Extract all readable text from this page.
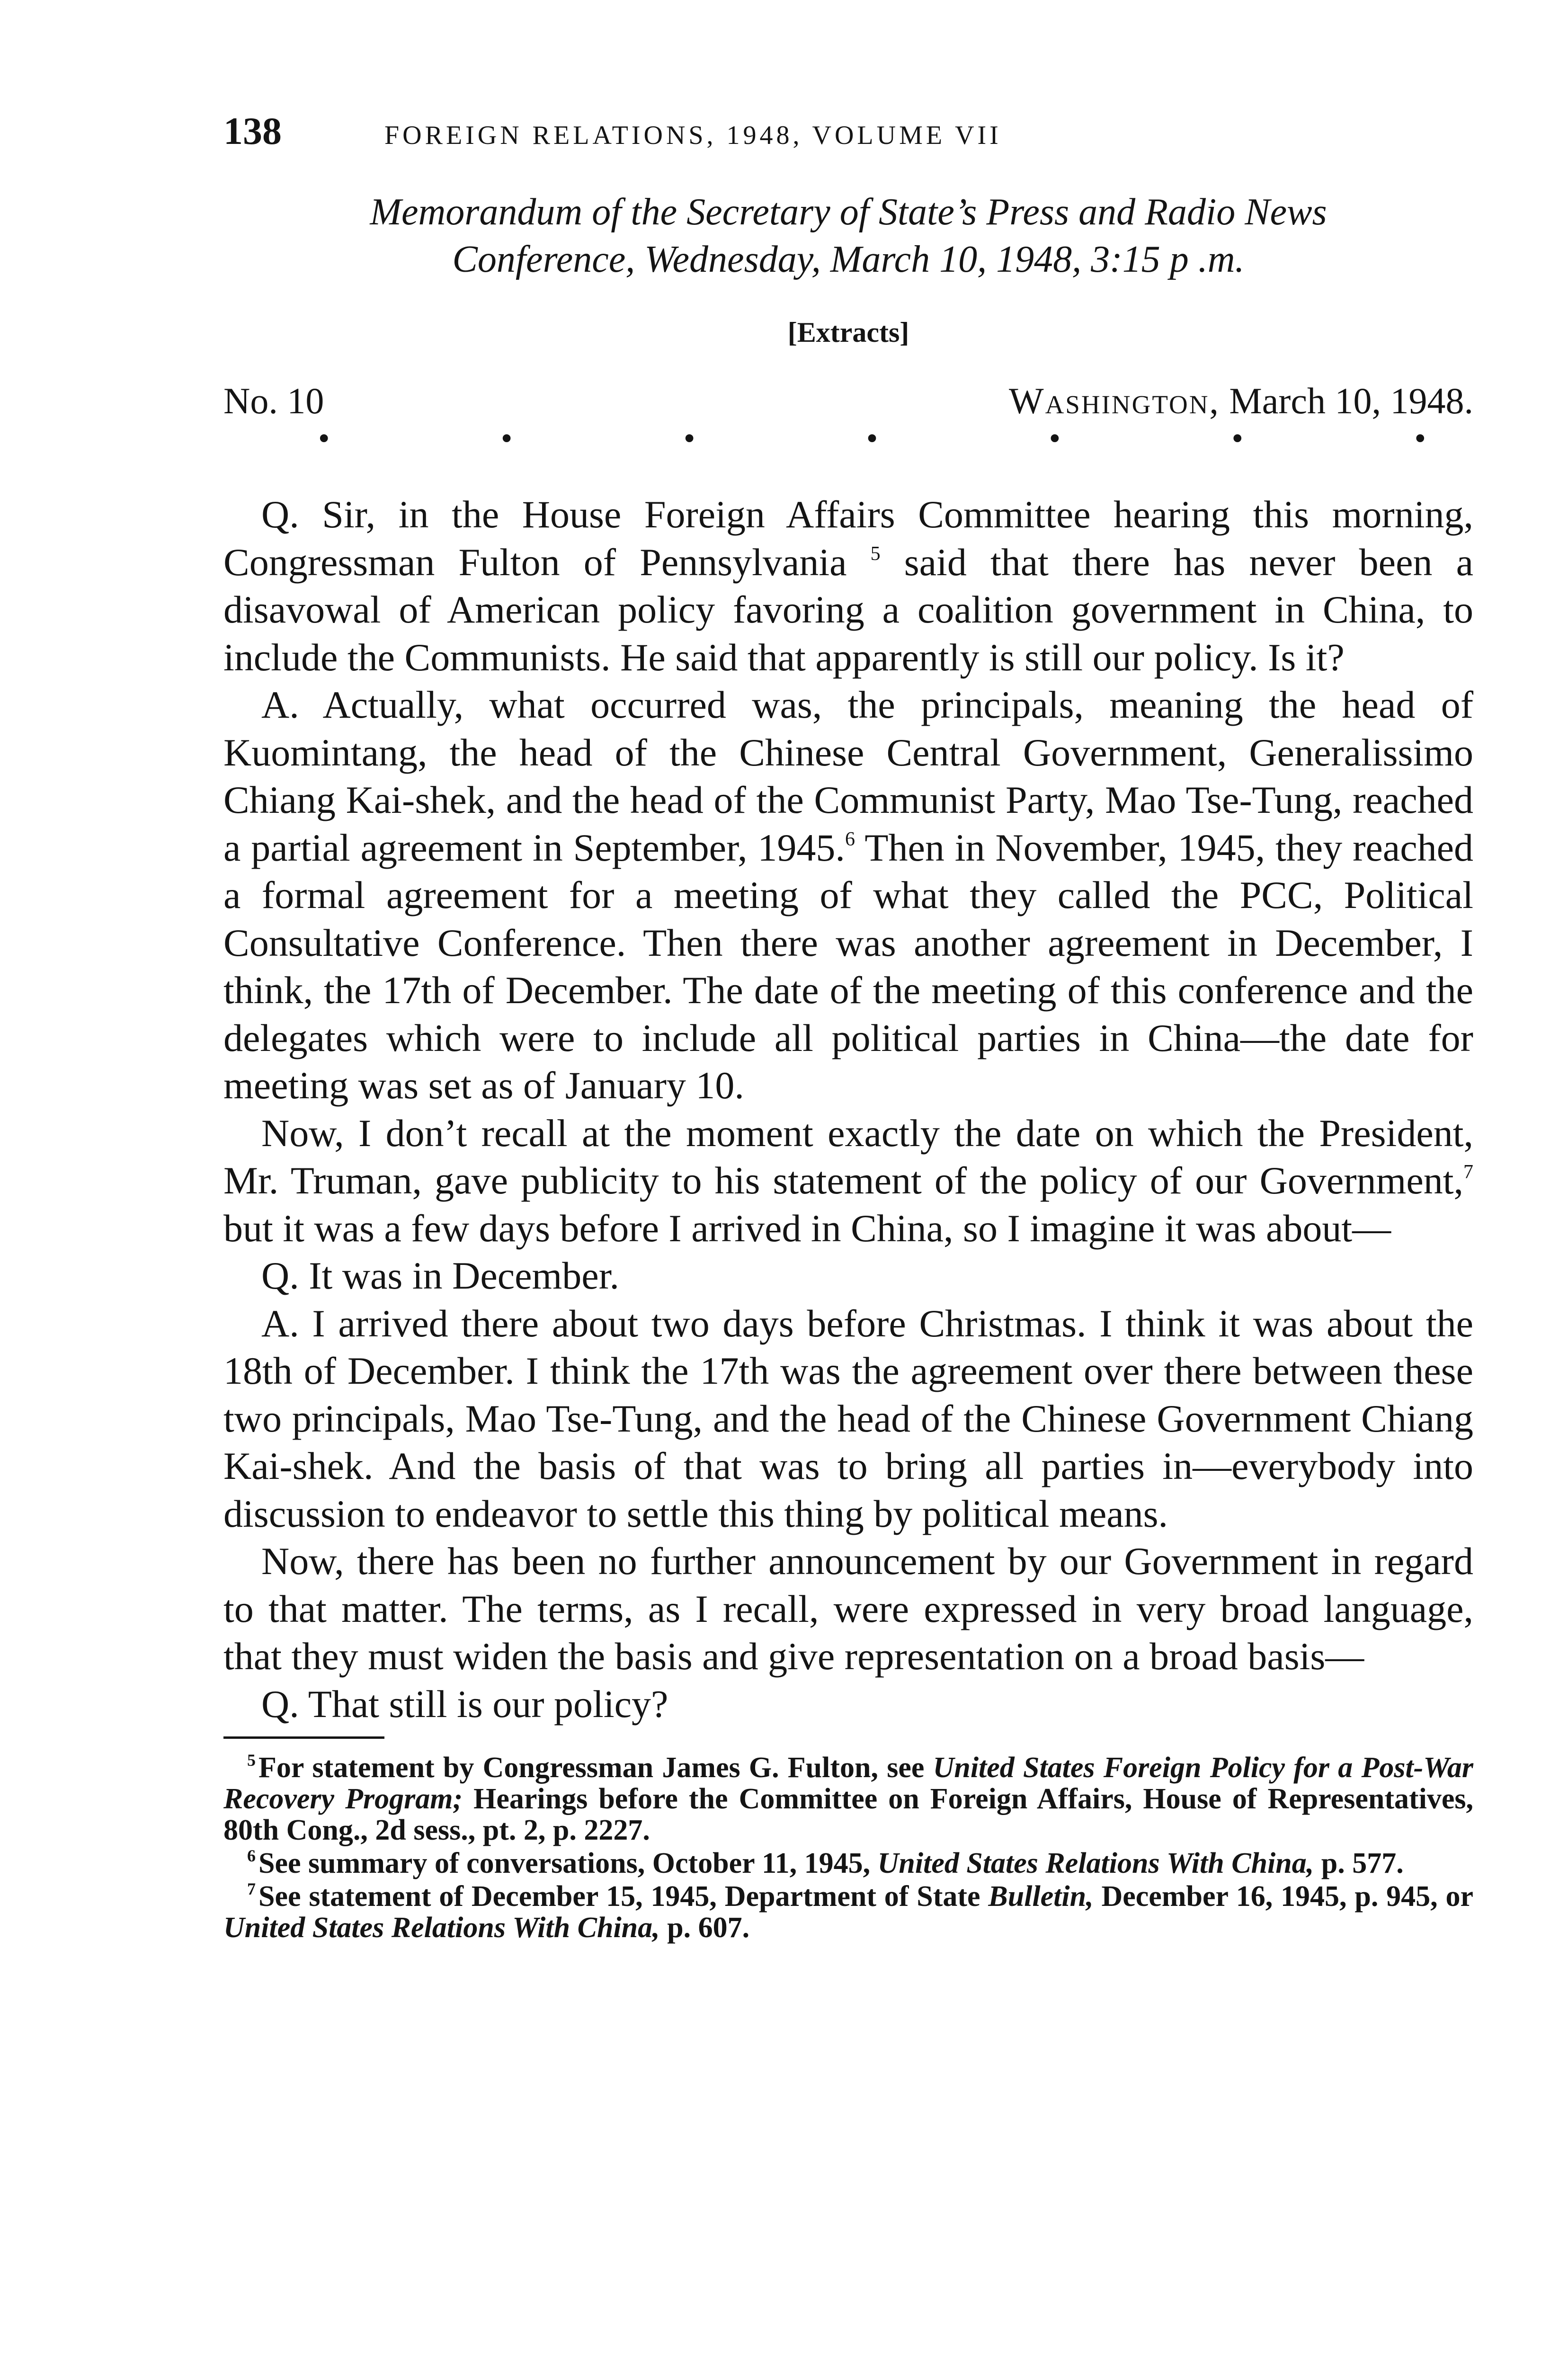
138	FOREIGN RELATIONS, 1948, VOLUME VII
Memorandum of the Secretary of State’s Press and Radio News
Conference, Wednesday, March 10, 1948, 3:15 p .m.
[Extracts]
No. 10	Washington, March 10, 1948.
•	•	•	•	•	•	•

Q. Sir, in the House Foreign Affairs Committee hearing this morning, Congressman Fulton of Pennsylvania $^5$ said that there has never been a disavowal of American policy favoring a coalition government in China, to include the Communists. He said that apparently is still our policy. Is it?

A. Actually, what occurred was, the principals, meaning the head of Kuomintang, the head of the Chinese Central Government, Generalissimo Chiang Kai-shek, and the head of the Communist Party, Mao Tse-Tung, reached a partial agreement in September, 1945.$^6$ Then in November, 1945, they reached a formal agreement for a meeting of what they called the PCC, Political Consultative Conference. Then there was another agreement in December, I think, the 17th of December. The date of the meeting of this conference and the delegates which were to include all political parties in China—the date for meeting was set as of January 10.

Now, I don’t recall at the moment exactly the date on which the President, Mr. Truman, gave publicity to his statement of the policy of our Government,$^7$ but it was a few days before I arrived in China, so I imagine it was about—

Q. It was in December.

A. I arrived there about two days before Christmas. I think it was about the 18th of December. I think the 17th was the agreement over there between these two principals, Mao Tse-Tung, and the head of the Chinese Government Chiang Kai-shek. And the basis of that was to bring all parties in—everybody into discussion to endeavor to settle this thing by political means.

Now, there has been no further announcement by our Government in regard to that matter. The terms, as I recall, were expressed in very broad language, that they must widen the basis and give representation on a broad basis—

Q. That still is our policy?

$^5$For statement by Congressman James G. Fulton, see United States Foreign Policy for a Post-War Recovery Program; Hearings before the Committee on Foreign Affairs, House of Representatives, 80th Cong., 2d sess., pt. 2, p. 2227.

$^6$See summary of conversations, October 11, 1945, United States Relations With China, p. 577.

$^7$See statement of December 15, 1945, Department of State Bulletin, December 16, 1945, p. 945, or United States Relations With China, p. 607.
